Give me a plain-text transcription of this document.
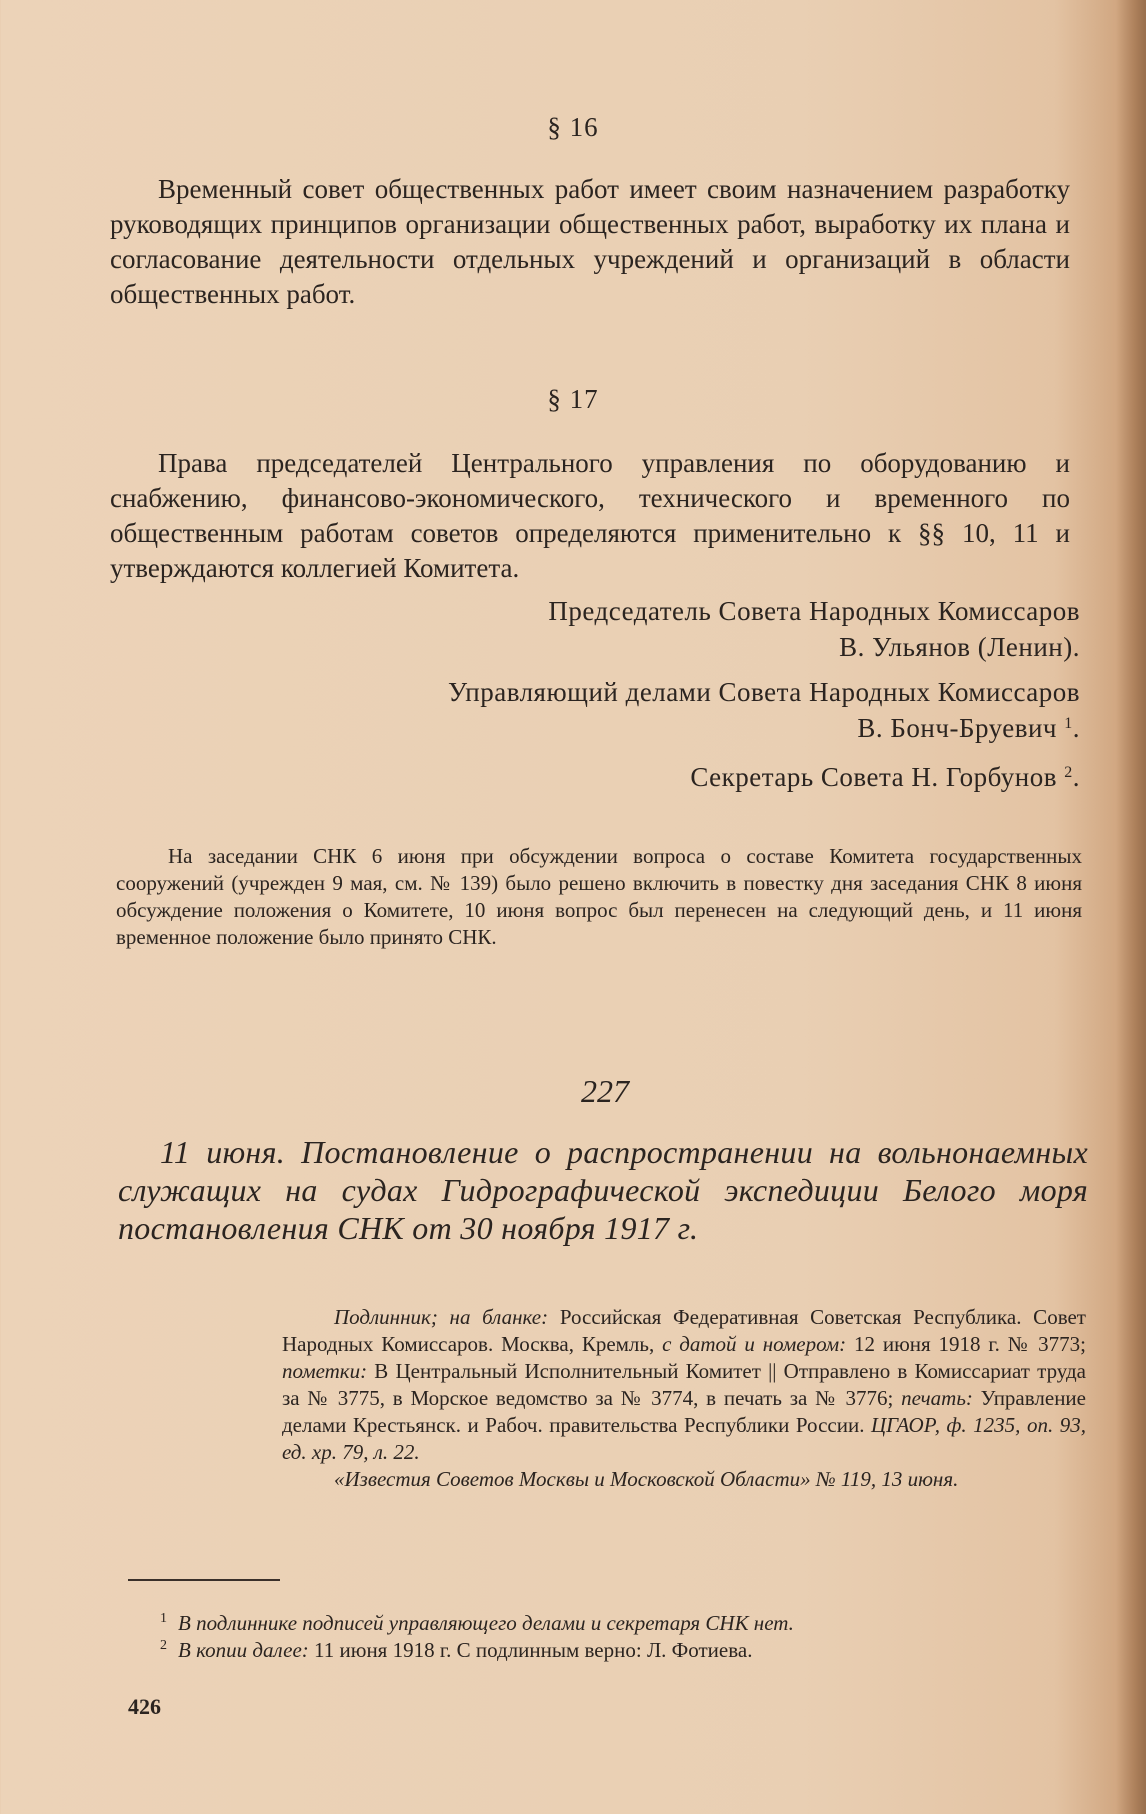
§ 16

Временный совет общественных работ имеет своим назначением разработку руководящих принципов организации общественных работ, выработку их плана и согласование деятельности отдельных учреждений и организаций в области общественных работ.

§ 17

Права председателей Центрального управления по оборудованию и снабжению, финансово-экономического, технического и временного по общественным работам советов определяются применительно к §§ 10, 11 и утверждаются коллегией Комитета.

Председатель Совета Народных Комиссаров
В. Ульянов (Ленин).
Управляющий делами Совета Народных Комиссаров
В. Бонч-Бруевич $^1$.
Секретарь Совета Н. Горбунов $^2$.

На заседании СНК 6 июня при обсуждении вопроса о составе Комитета государственных сооружений (учрежден 9 мая, см. № 139) было решено включить в повестку дня заседания СНК 8 июня обсуждение положения о Комитете, 10 июня вопрос был перенесен на следующий день, и 11 июня временное положение было принято СНК.

227

11 июня. Постановление о распространении на вольнонаемных служащих на судах Гидрографической экспедиции Белого моря постановления СНК от 30 ноября 1917 г.

Подлинник; на бланке: Российская Федеративная Советская Республика. Совет Народных Комиссаров. Москва, Кремль, с датой и номером: 12 июня 1918 г. № 3773; пометки: В Центральный Исполнительный Комитет || Отправлено в Комиссариат труда за № 3775, в Морское ведомство за № 3774, в печать за № 3776; печать: Управление делами Крестьянск. и Рабоч. правительства Республики России. ЦГАОР, ф. 1235, оп. 93, ед. хр. 79, л. 22.

«Известия Советов Москвы и Московской Области» № 119, 13 июня.

1 В подлиннике подписей управляющего делами и секретаря СНК нет.
2 В копии далее: 11 июня 1918 г. С подлинным верно: Л. Фотиева.
426
